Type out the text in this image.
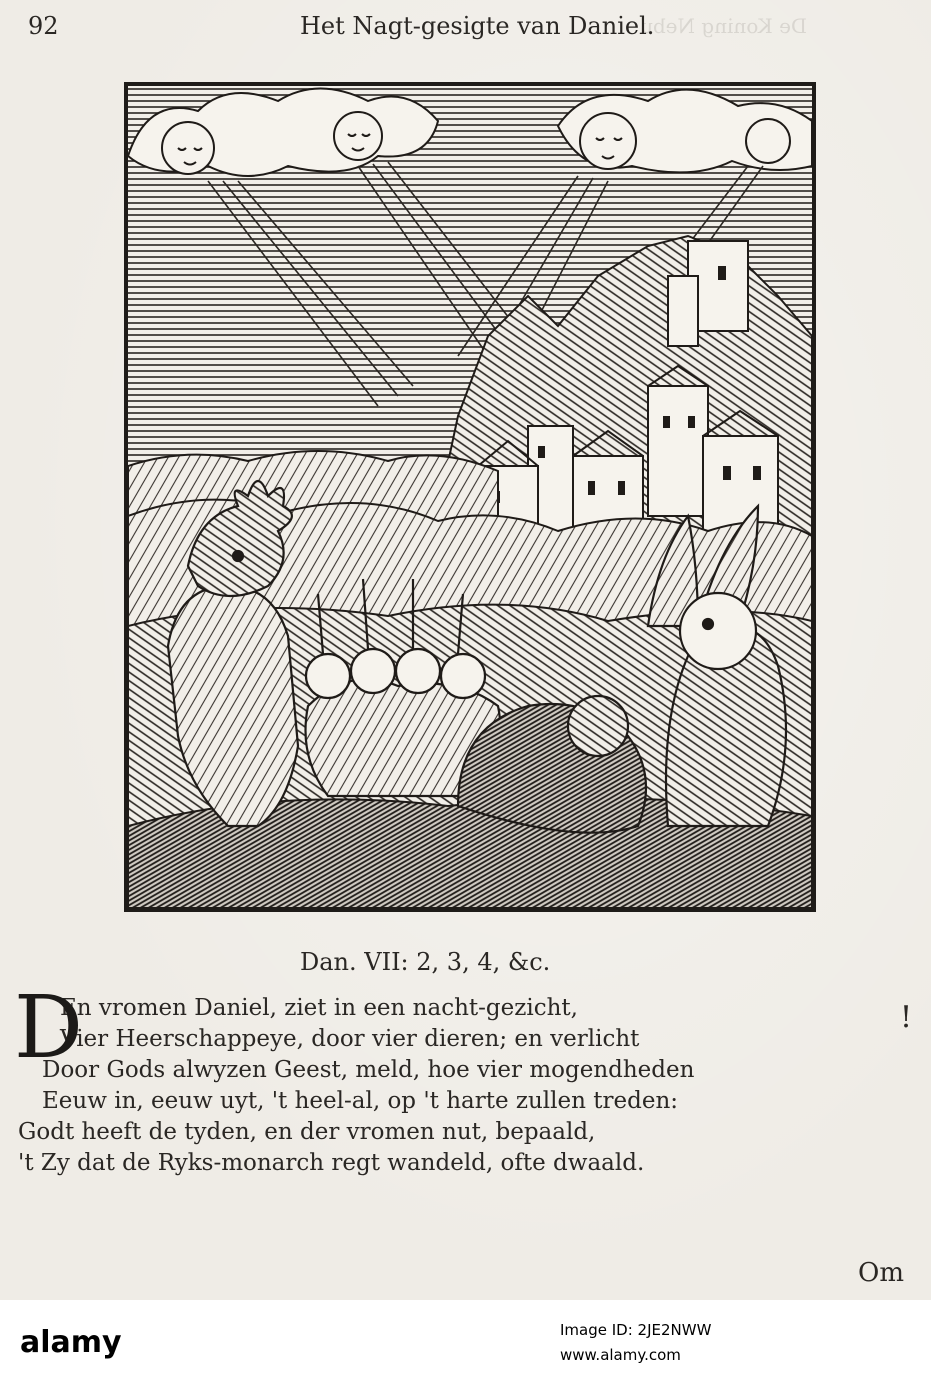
De Koning Nebu
92	Het Nagt-gesigte van Daniel.
Dan. VII: 2, 3, 4, &c.
D
En vromen Daniel, ziet in een nacht-gezicht,
Vier Heerschappeye, door vier dieren; en verlicht
Door Gods alwyzen Geest, meld, hoe vier mogendheden
Eeuw in, eeuw uyt, 't heel-al, op 't harte zullen treden:
Godt heeft de tyden, en der vromen nut, bepaald,
't Zy dat de Ryks-monarch regt wandeld, ofte dwaald.
!
Om
alamy	Image ID: 2JE2NWW
www.alamy.com
